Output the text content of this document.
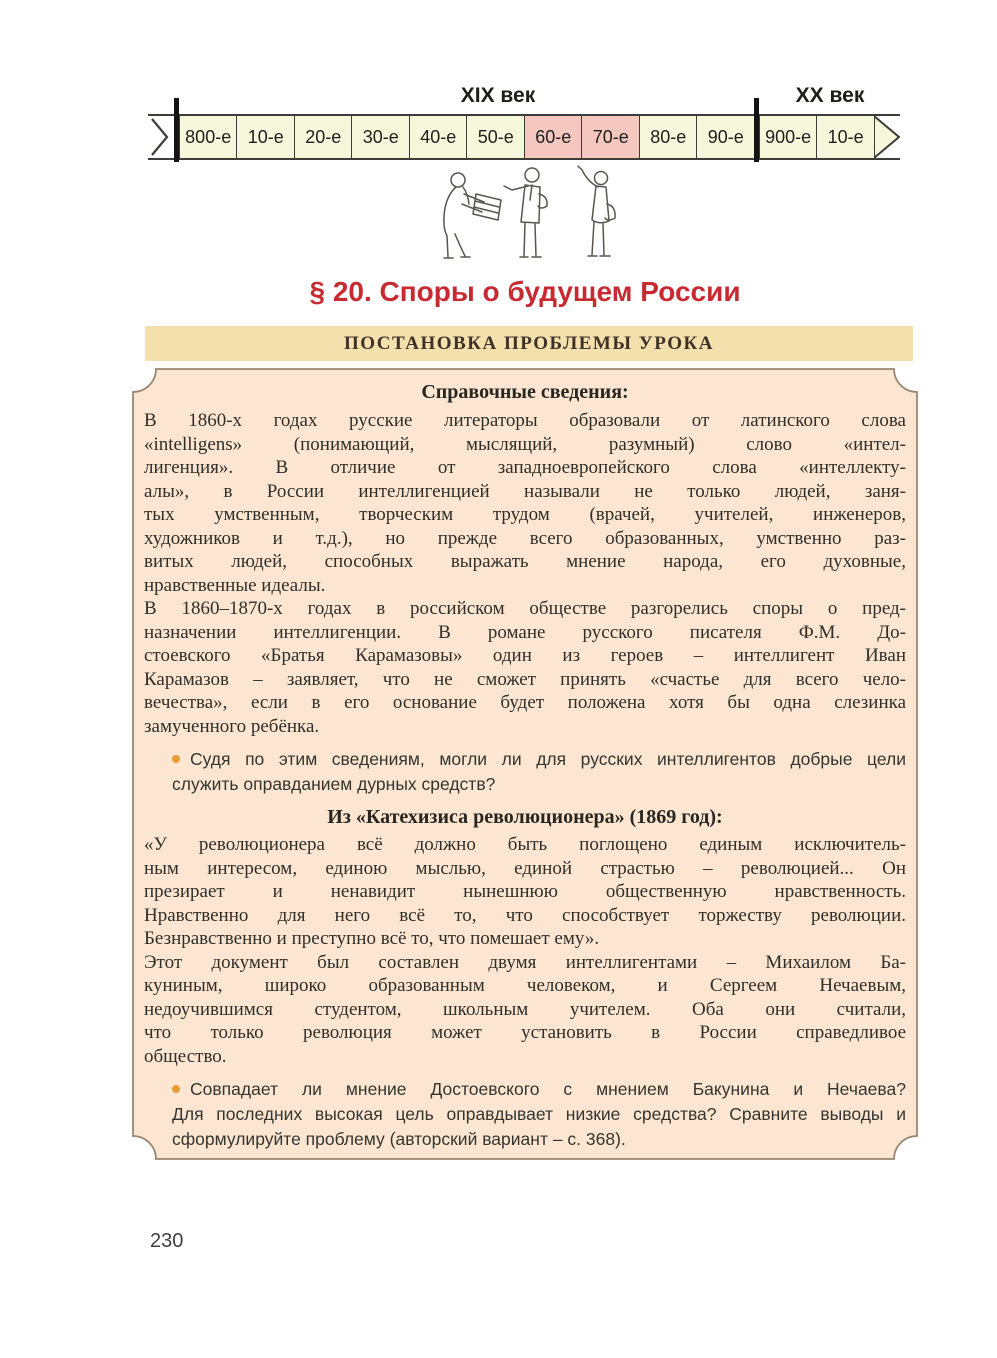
XIX век	XX век
800-е 10-е	20-е	30-е	40-е	50-е	60-е	70-е	80-е	90-е	900-е 10-е
§ 20. Споры о будущем России
ПОСТАНОВКА ПРОБЛЕМЫ УРОКА
Справочные сведения:
В 1860-х годах русские литераторы образовали от латинского слова
«intelligens» (понимающий, мыслящий, разумный) слово «интел-
лигенция». В отличие от западноевропейского слова «интеллекту-
алы», в России интеллигенцией называли не только людей, заня-
тых умственным, творческим трудом (врачей, учителей, инженеров,
художников и т.д.), но прежде всего образованных, умственно раз-
витых людей, способных выражать мнение народа, его духовные,
нравственные идеалы.
В 1860–1870-х годах в российском обществе разгорелись споры о пред-
назначении интеллигенции. В романе русского писателя Ф.М. До-
стоевского «Братья Карамазовы» один из героев – интеллигент Иван
Карамазов – заявляет, что не сможет принять «счастье для всего чело-
вечества», если в его основание будет положена хотя бы одна слезинка
замученного ребёнка.
Судя по этим сведениям, могли ли для русских интеллигентов добрые цели
служить оправданием дурных средств?
Из «Катехизиса революционера» (1869 год):
«У революционера всё должно быть поглощено единым исключитель-
ным интересом, единою мыслью, единой страстью – революцией... Он
презирает и ненавидит нынешнюю общественную нравственность.
Нравственно для него всё то, что способствует торжеству революции.
Безнравственно и преступно всё то, что помешает ему».
Этот документ был составлен двумя интеллигентами – Михаилом Ба-
куниным, широко образованным человеком, и Сергеем Нечаевым,
недоучившимся студентом, школьным учителем. Оба они считали,
что только революция может установить в России справедливое
общество.
Совпадает ли мнение Достоевского с мнением Бакунина и Нечаева?
Для последних высокая цель оправдывает низкие средства? Сравните выводы и
сформулируйте проблему (авторский вариант – с. 368).
230
